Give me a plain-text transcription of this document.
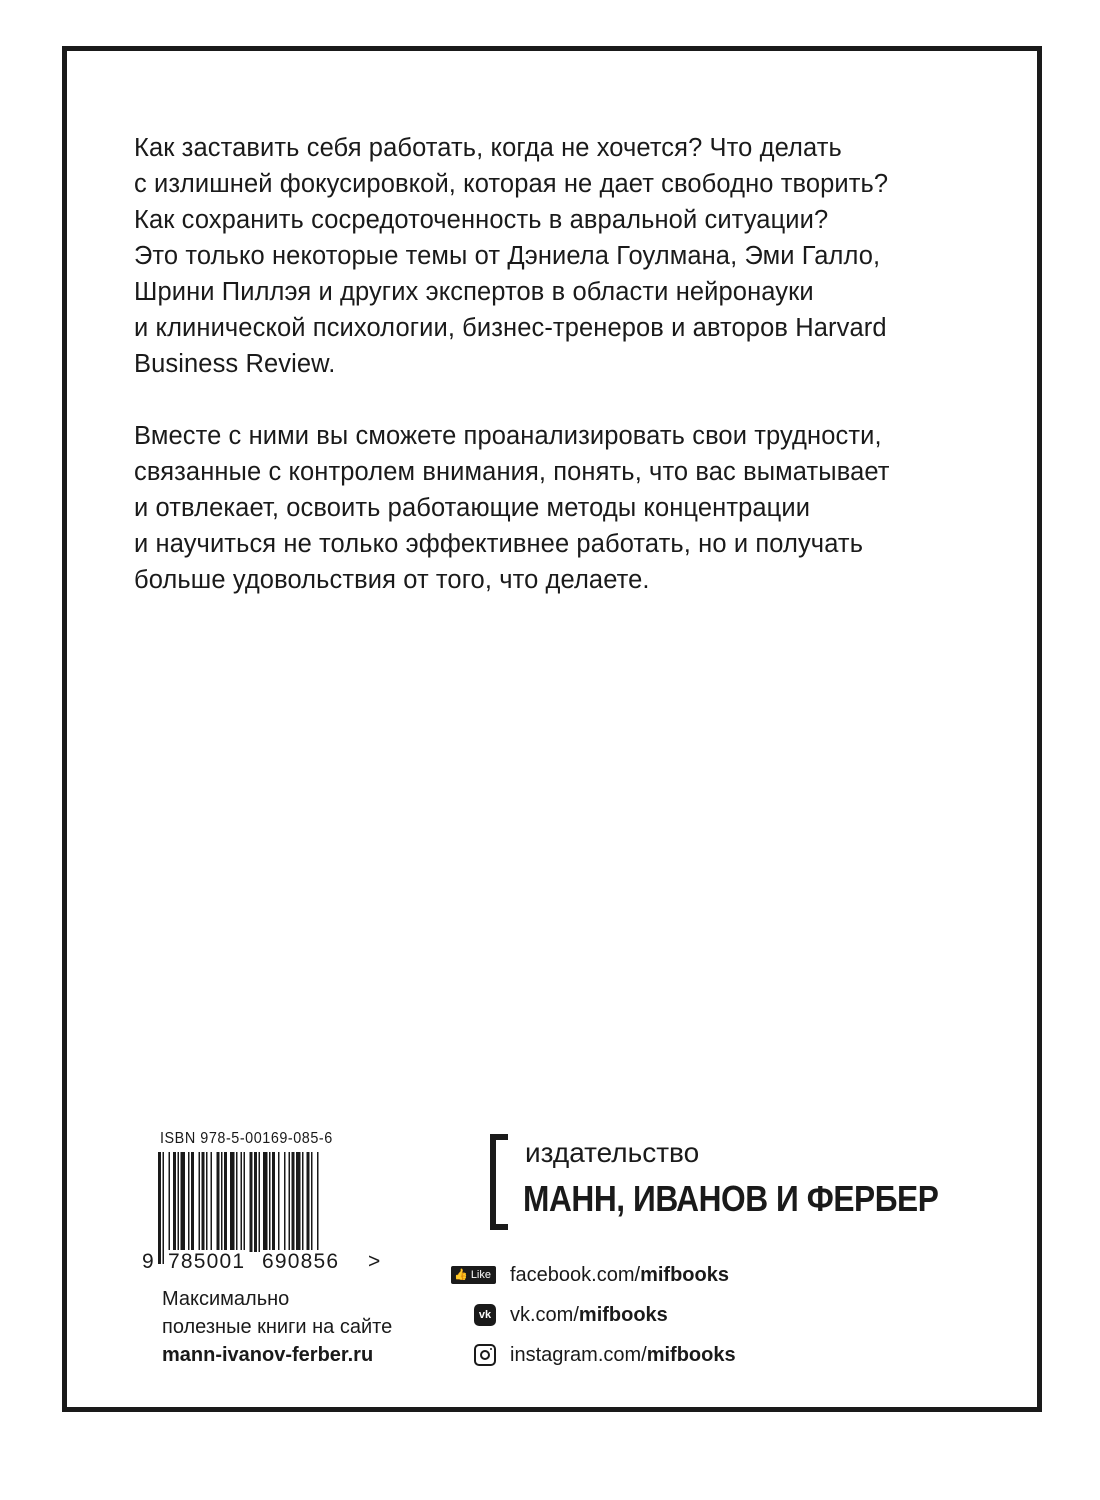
Как заставить себя работать, когда не хочется? Что делать
с излишней фокусировкой, которая не дает свободно творить?
Как сохранить сосредоточенность в авральной ситуации?
Это только некоторые темы от Дэниела Гоулмана, Эми Галло,
Шрини Пиллэя и других экспертов в области нейронауки
и клинической психологии, бизнес-тренеров и авторов Harvard
Business Review.
Вместе с ними вы сможете проанализировать свои трудности,
связанные с контролем внимания, понять, что вас выматывает
и отвлекает, освоить работающие методы концентрации
и научиться не только эффективнее работать, но и получать
больше удовольствия от того, что делаете.
ISBN 978-5-00169-085-6
9 785001 690856 >
Максимально
полезные книги на сайте
mann-ivanov-ferber.ru
издательство
МАНН, ИВАНОВ И ФЕРБЕР
👍 Like facebook.com/mifbooks
vk vk.com/mifbooks
instagram.com/mifbooks
